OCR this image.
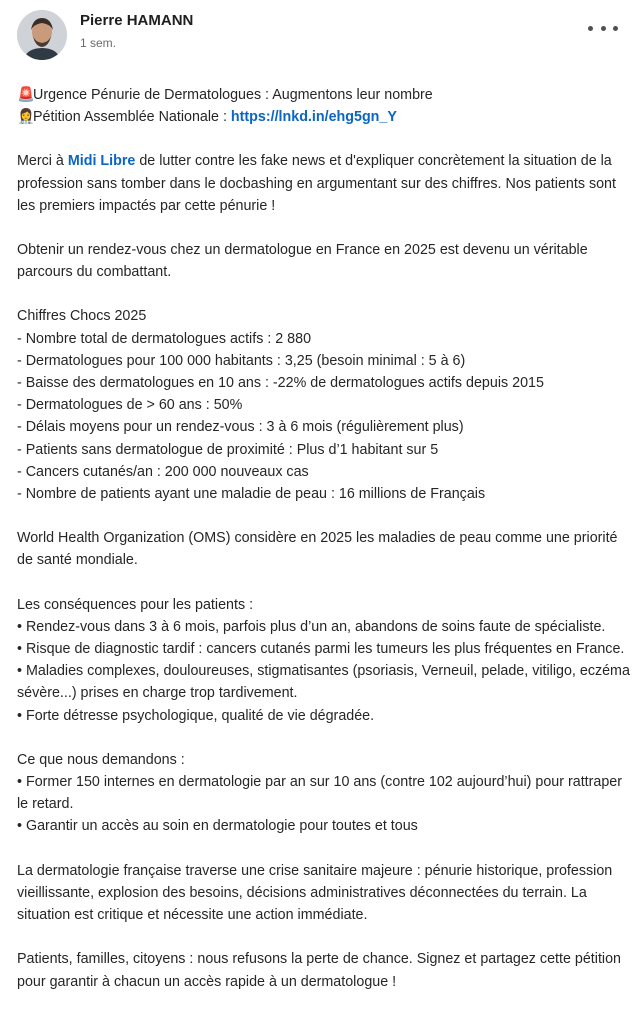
Pierre HAMANN
1 sem.

🚨Urgence Pénurie de Dermatologues : Augmentons leur nombre

👩‍⚕️Pétition Assemblée Nationale : https://lnkd.in/ehg5gn_Y

Merci à Midi Libre de lutter contre les fake news et d'expliquer concrètement la situation de la profession sans tomber dans le docbashing en argumentant sur des chiffres. Nos patients sont les premiers impactés par cette pénurie !

Obtenir un rendez-vous chez un dermatologue en France en 2025 est devenu un véritable parcours du combattant.

Chiffres Chocs 2025

- Nombre total de dermatologues actifs : 2 880

- Dermatologues pour 100 000 habitants : 3,25 (besoin minimal : 5 à 6)

- Baisse des dermatologues en 10 ans : -22% de dermatologues actifs depuis 2015

- Dermatologues de > 60 ans : 50%

- Délais moyens pour un rendez-vous : 3 à 6 mois (régulièrement plus)

- Patients sans dermatologue de proximité : Plus d’1 habitant sur 5

- Cancers cutanés/an : 200 000 nouveaux cas

- Nombre de patients ayant une maladie de peau : 16 millions de Français

World Health Organization (OMS) considère en 2025 les maladies de peau comme une priorité de santé mondiale.

Les conséquences pour les patients :

• Rendez-vous dans 3 à 6 mois, parfois plus d’un an, abandons de soins faute de spécialiste.

• Risque de diagnostic tardif : cancers cutanés parmi les tumeurs les plus fréquentes en France.

• Maladies complexes, douloureuses, stigmatisantes (psoriasis, Verneuil, pelade, vitiligo, eczéma sévère...) prises en charge trop tardivement.

• Forte détresse psychologique, qualité de vie dégradée.

Ce que nous demandons :

• Former 150 internes en dermatologie par an sur 10 ans (contre 102 aujourd’hui) pour rattraper le retard.

• Garantir un accès au soin en dermatologie pour toutes et tous

La dermatologie française traverse une crise sanitaire majeure : pénurie historique, profession vieillissante, explosion des besoins, décisions administratives déconnectées du terrain. La situation est critique et nécessite une action immédiate.

Patients, familles, citoyens : nous refusons la perte de chance. Signez et partagez cette pétition pour garantir à chacun un accès rapide à un dermatologue !
